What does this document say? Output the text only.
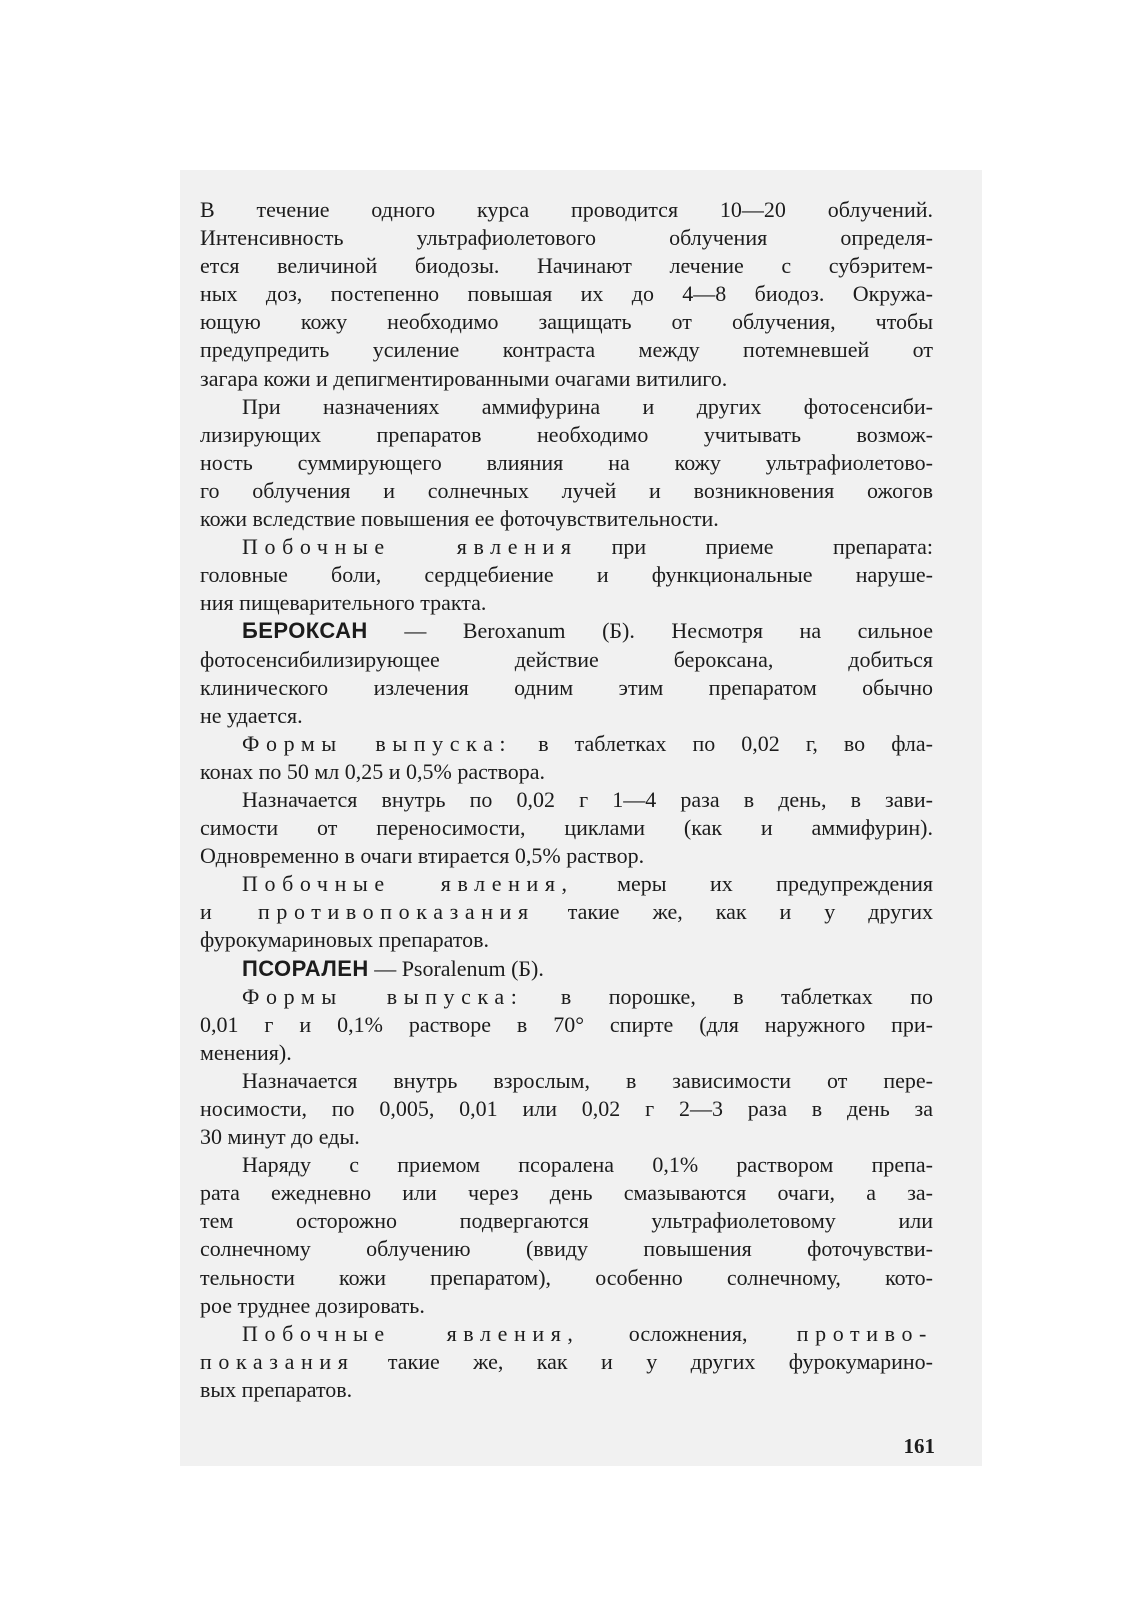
В течение одного курса проводится 10—20 облучений.
Интенсивность ультрафиолетового облучения определя-
ется величиной биодозы. Начинают лечение с субэритем-
ных доз, постепенно повышая их до 4—8 биодоз. Окружа-
ющую кожу необходимо защищать от облучения, чтобы
предупредить усиление контраста между потемневшей от
загара кожи и депигментированными очагами витилиго.
При назначениях аммифурина и других фотосенсиби-
лизирующих препаратов необходимо учитывать возмож-
ность суммирующего влияния на кожу ультрафиолетово-
го облучения и солнечных лучей и возникновения ожогов
кожи вследствие повышения ее фоточувствительности.
Побочные явления при приеме препарата:
головные боли, сердцебиение и функциональные наруше-
ния пищеварительного тракта.
БЕРОКСАН — Beroxanum (Б). Несмотря на сильное
фотосенсибилизирующее действие бероксана, добиться
клинического излечения одним этим препаратом обычно
не удается.
Формы выпуска: в таблетках по 0,02 г, во фла-
конах по 50 мл 0,25 и 0,5% раствора.
Назначается внутрь по 0,02 г 1—4 раза в день, в зави-
симости от переносимости, циклами (как и аммифурин).
Одновременно в очаги втирается 0,5% раствор.
Побочные явления, меры их предупреждения
и противопоказания такие же, как и у других
фурокумариновых препаратов.
ПСОРАЛЕН — Psoralenum (Б).
Формы выпуска: в порошке, в таблетках по
0,01 г и 0,1% растворе в 70° спирте (для наружного при-
менения).
Назначается внутрь взрослым, в зависимости от пере-
носимости, по 0,005, 0,01 или 0,02 г 2—3 раза в день за
30 минут до еды.
Наряду с приемом псоралена 0,1% раствором препа-
рата ежедневно или через день смазываются очаги, а за-
тем осторожно подвергаются ультрафиолетовому или
солнечному облучению (ввиду повышения фоточувстви-
тельности кожи препаратом), особенно солнечному, кото-
рое труднее дозировать.
Побочные явления, осложнения, противо-
показания такие же, как и у других фурокумарино-
вых препаратов.
161
